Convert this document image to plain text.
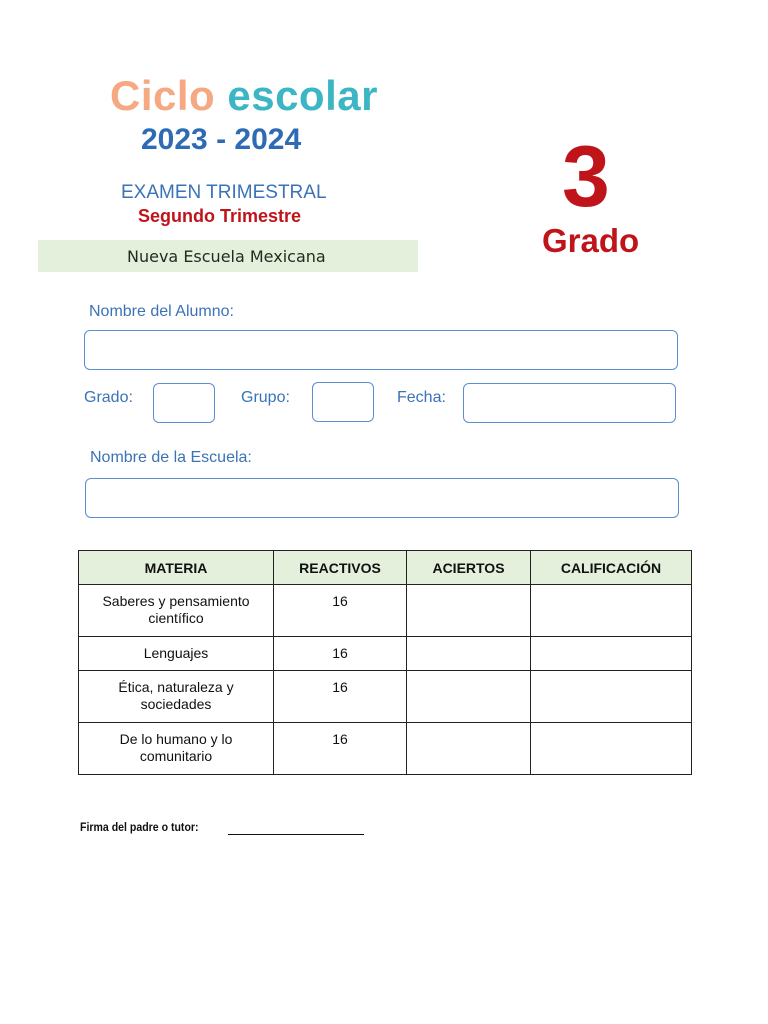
Ciclo escolar
2023 - 2024
EXAMEN TRIMESTRAL
Segundo Trimestre	3
Grado
Nueva Escuela Mexicana
Nombre del Alumno:
Grado:	Grupo:	Fecha:
Nombre de la Escuela:
MATERIA	REACTIVOS	ACIERTOS	CALIFICACIÓN
Saberes y pensamiento científico	16		
Lenguajes	16		
Ética, naturaleza y sociedades	16		
De lo humano y lo comunitario	16		
Firma del padre o tutor:
